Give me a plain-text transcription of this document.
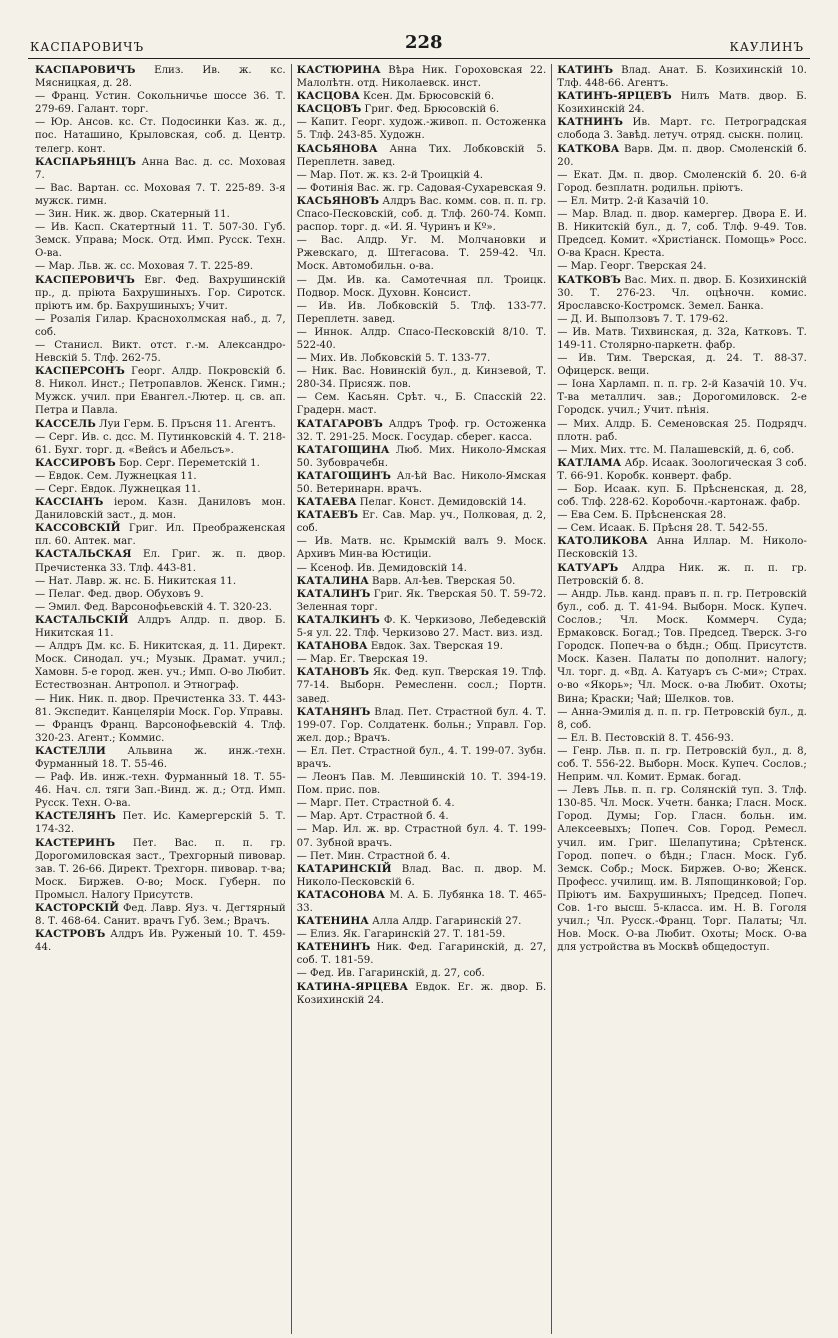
КАСПАРОВИЧЪ	228	КАУЛИНЪ

КАСПАРОВИЧЪ Елиз. Ив. ж. кс. Мясницкая, д. 28.

— Франц. Устин. Сокольничье шоссе 36. Т. 279-69. Галант. торг.

— Юр. Ансов. кс. Ст. Подосинки Каз. ж. д., пос. Наташино, Крыловская, соб. д. Центр. телегр. конт.

КАСПАРЬЯНЦЪ Анна Вас. д. сс. Моховая 7.

— Вас. Вартан. сс. Моховая 7. Т. 225-89. 3-я мужск. гимн.

— Зин. Ник. ж. двор. Скатерный 11.

— Ив. Касп. Скатертный 11. Т. 507-30. Губ. Земск. Управа; Моск. Отд. Имп. Русск. Техн. О-ва.

— Мар. Льв. ж. сс. Моховая 7. Т. 225-89.

КАСПЕРОВИЧЪ Евг. Фед. Вахрушинскій пр., д. пріюта Бахрушиныхъ. Гор. Сиротск. пріютъ им. бр. Бахрушиныхъ; Учит.

— Розалія Гилар. Краснохолмская наб., д. 7, соб.

— Станисл. Викт. отст. г.-м. Александро-Невскій 5. Тлф. 262-75.

КАСПЕРСОНЪ Георг. Алдр. Покровскій б. 8. Никол. Инст.; Петропавлов. Женск. Гимн.; Мужск. учил. при Евангел.-Лютер. ц. св. ап. Петра и Павла.

КАССЕЛЬ Луи Герм. Б. Пръсня 11. Агентъ.

— Серг. Ив. с. дсс. М. Путинковскій 4. Т. 218-61. Бухг. торг. д. «Вейсъ и Абельсъ».

КАССИРОВЪ Бор. Серг. Переметскій 1.

— Евдок. Сем. Лужнецкая 11.

— Серг. Евдок. Лужнецкая 11.

КАССІАНЪ іером. Казн. Даниловъ мон. Даниловскій заст., д. мон.

КАССОВСКІЙ Григ. Ил. Преображенская пл. 60. Аптек. маг.

КАСТАЛЬСКАЯ Ел. Григ. ж. п. двор. Пречистенка 33. Тлф. 443-81.

— Нат. Лавр. ж. нс. Б. Никитская 11.

— Пелаг. Фед. двор. Обуховъ 9.

— Эмил. Фед. Варсонофьевскій 4. Т. 320-23.

КАСТАЛЬСКІЙ Алдръ Алдр. п. двор. Б. Никитская 11.

— Алдръ Дм. кс. Б. Никитская, д. 11. Директ. Моск. Синодал. уч.; Музык. Драмат. учил.; Хамовн. 5-е город. жен. уч.; Имп. О-во Любит. Естествознан. Антропол. и Этнограф.

— Ник. Ник. п. двор. Пречистенка 33. Т. 443-81. Экспедит. Канцеляріи Моск. Гор. Управы.

— Францъ Франц. Варсонофьевскій 4. Тлф. 320-23. Агент.; Коммис.

КАСТЕЛЛИ Альвина ж. инж.-техн. Фурманный 18. Т. 55-46.

— Раф. Ив. инж.-техн. Фурманный 18. Т. 55-46. Нач. сл. тяги Зап.-Винд. ж. д.; Отд. Имп. Русск. Техн. О-ва.

КАСТЕЛЯНЪ Пет. Ис. Камергерскій 5. Т. 174-32.

КАСТЕРИНЪ Пет. Вас. п. п. гр. Дорогомиловская заст., Трехгорный пивовар. зав. Т. 26-66. Директ. Трехгорн. пивовар. т-ва; Моск. Биржев. О-во; Моск. Губерн. по Промысл. Налогу Присутств.

КАСТОРСКІЙ Фед. Лавр. Яуз. ч. Дегтярный 8. Т. 468-64. Санит. врачъ Губ. Зем.; Врачъ.

КАСТРОВЪ Алдръ Ив. Руженый 10. Т. 459-44.

КАСТЮРИНА Вѣра Ник. Гороховская 22. Малолѣтн. отд. Николаевск. инст.

КАСЦОВА Ксен. Дм. Брюсовскій 6.

КАСЦОВЪ Григ. Фед. Брюсовскій 6.

— Капит. Георг. худож.-живоп. п. Остоженка 5. Тлф. 243-85. Художн.

КАСЬЯНОВА Анна Тих. Лобковскій 5. Переплетн. завед.

— Мар. Пот. ж. кз. 2-й Троицкій 4.

— Фотинія Вас. ж. гр. Садовая-Сухаревская 9.

КАСЬЯНОВЪ Алдръ Вас. комм. сов. п. п. гр. Спасо-Песковскій, соб. д. Тлф. 260-74. Комп. распор. торг. д. «И. Я. Чуринъ и Кº».

— Вас. Алдр. Уг. М. Молчановки и Ржевскаго, д. Штегасова. Т. 259-42. Чл. Моск. Автомобильн. о-ва.

— Дм. Ив. ка. Самотечная пл. Троицк. Подвор. Моск. Духовн. Консист.

— Ив. Ив. Лобковскій 5. Тлф. 133-77. Переплетн. завед.

— Иннок. Алдр. Спасо-Песковскій 8/10. Т. 522-40.

— Мих. Ив. Лобковскій 5. Т. 133-77.

— Ник. Вас. Новинскій бул., д. Кинзевой, Т. 280-34. Присяж. пов.

— Сем. Касьян. Срѣт. ч., Б. Спасскій 22. Градерн. маст.

КАТАГАРОВЪ Алдръ Троф. гр. Остоженка 32. Т. 291-25. Моск. Государ. сберег. касса.

КАТАГОЩИНА Люб. Мих. Николо-Ямская 50. Зубоврачебн.

КАТАГОЩИНЪ Ал-ѣй Вас. Николо-Ямская 50. Ветеринарн. врачъ.

КАТАЕВА Пелаг. Конст. Демидовскій 14.

КАТАЕВЪ Ег. Сав. Мар. уч., Полковая, д. 2, соб.

— Ив. Матв. нс. Крымскій валъ 9. Моск. Архивъ Мин-ва Юстиціи.

— Ксеноф. Ив. Демидовскій 14.

КАТАЛИНА Варв. Ал-ѣев. Тверская 50.

КАТАЛИНЪ Григ. Як. Тверская 50. Т. 59-72. Зеленная торг.

КАТАЛКИНЪ Ф. К. Черкизово, Лебедевскій 5-я ул. 22. Тлф. Черкизово 27. Маст. виз. изд.

КАТАНОВА Евдок. Зах. Тверская 19.

— Мар. Ег. Тверская 19.

КАТАНОВЪ Як. Фед. куп. Тверская 19. Тлф. 77-14. Выборн. Ремесленн. сосл.; Портн. завед.

КАТАНЯНЪ Влад. Пет. Страстной бул. 4. Т. 199-07. Гор. Солдатенк. больн.; Управл. Гор. жел. дор.; Врачъ.

— Ел. Пет. Страстной бул., 4. Т. 199-07. Зубн. врачъ.

— Леонъ Пав. М. Левшинскій 10. Т. 394-19. Пом. прис. пов.

— Марг. Пет. Страстной б. 4.

— Мар. Арт. Страстной б. 4.

— Мар. Ил. ж. вр. Страстной бул. 4. Т. 199-07. Зубной врачъ.

— Пет. Мин. Страстной б. 4.

КАТАРИНСКІЙ Влад. Вас. п. двор. М. Николо-Песковскій 6.

КАТАСОНОВА М. А. Б. Лубянка 18. Т. 465-33.

КАТЕНИНА Алла Алдр. Гагаринскій 27.

— Елиз. Як. Гагаринскій 27. Т. 181-59.

КАТЕНИНЪ Ник. Фед. Гагаринскій, д. 27, соб. Т. 181-59.

— Фед. Ив. Гагаринскій, д. 27, соб.

КАТИНА-ЯРЦЕВА Евдок. Ег. ж. двор. Б. Козихинскій 24.

КАТИНЪ Влад. Анат. Б. Козихинскій 10. Тлф. 448-66. Агентъ.

КАТИНЪ-ЯРЦЕВЪ Нилъ Матв. двор. Б. Козихинскій 24.

КАТНИНЪ Ив. Март. гс. Петроградская слобода 3. Завѣд. летуч. отряд. сыскн. полиц.

КАТКОВА Варв. Дм. п. двор. Смоленскій б. 20.

— Екат. Дм. п. двор. Смоленскій б. 20. 6-й Город. безплатн. родильн. пріютъ.

— Ел. Митр. 2-й Казачій 10.

— Мар. Влад. п. двор. камергер. Двора Е. И. В. Никитскій бул., д. 7, соб. Тлф. 9-49. Тов. Председ. Комит. «Христіанск. Помощь» Росс. О-ва Красн. Креста.

— Мар. Георг. Тверская 24.

КАТКОВЪ Вас. Мих. п. двор. Б. Козихинскій 30. Т. 276-23. Чл. оцѣночн. комис. Ярославско-Костромск. Земел. Банка.

— Д. И. Выползовъ 7. Т. 179-62.

— Ив. Матв. Тихвинская, д. 32а, Катковъ. Т. 149-11. Столярно-паркетн. фабр.

— Ив. Тим. Тверская, д. 24. Т. 88-37. Офицерск. вещи.

— Іона Харламп. п. п. гр. 2-й Казачій 10. Уч. Т-ва металлич. зав.; Дорогомиловск. 2-е Городск. учил.; Учит. пѣнія.

— Мих. Алдр. Б. Семеновская 25. Подрядч. плотн. раб.

— Мих. Мих. ттс. М. Палашевскій, д. 6, соб.

КАТЛАМА Абр. Исаак. Зоологическая 3 соб. Т. 66-91. Коробк. конверт. фабр.

— Бор. Исаак. куп. Б. Прѣсненская, д. 28, соб. Тлф. 228-62. Коробочн.-картонаж. фабр.

— Ева Сем. Б. Прѣсненская 28.

— Сем. Исаак. Б. Прѣсня 28. Т. 542-55.

КАТОЛИКОВА Анна Иллар. М. Николо-Песковскій 13.

КАТУАРЪ Алдра Ник. ж. п. п. гр. Петровскій б. 8.

— Андр. Льв. канд. правъ п. п. гр. Петровскій бул., соб. д. Т. 41-94. Выборн. Моск. Купеч. Сослов.; Чл. Моск. Коммерч. Суда; Ермаковск. Богад.; Тов. Председ. Тверск. 3-го Городск. Попеч-ва о бѣдн.; Общ. Присутств. Моск. Казен. Палаты по дополнит. налогу; Чл. торг. д. «Вд. А. Катуаръ съ С-ми»; Страх. о-во «Якорь»; Чл. Моск. о-ва Любит. Охоты; Вина; Краски; Чай; Шелков. тов.

— Анна-Эмилія д. п. п. гр. Петровскій бул., д. 8, соб.

— Ел. В. Пестовскій 8. Т. 456-93.

— Генр. Льв. п. п. гр. Петровскій бул., д. 8, соб. Т. 556-22. Выборн. Моск. Купеч. Сослов.; Неприм. чл. Комит. Ермак. богад.

— Левъ Льв. п. п. гр. Солянскій туп. 3. Тлф. 130-85. Чл. Моск. Учетн. банка; Гласн. Моск. Город. Думы; Гор. Гласн. больн. им. Алексеевыхъ; Попеч. Сов. Город. Ремесл. учил. им. Григ. Шелапутина; Срѣтенск. Город. попеч. о бѣдн.; Гласн. Моск. Губ. Земск. Собр.; Моск. Биржев. О-во; Женск. Професс. училищ. им. В. Ляпощинковой; Гор. Пріютъ им. Бахрушиныхъ; Председ. Попеч. Сов. 1-го высш. 5-класса. им. Н. В. Гоголя учил.; Чл. Русск.-Франц. Торг. Палаты; Чл. Нов. Моск. О-ва Любит. Охоты; Моск. О-ва для устройства въ Москвѣ общедоступ.
